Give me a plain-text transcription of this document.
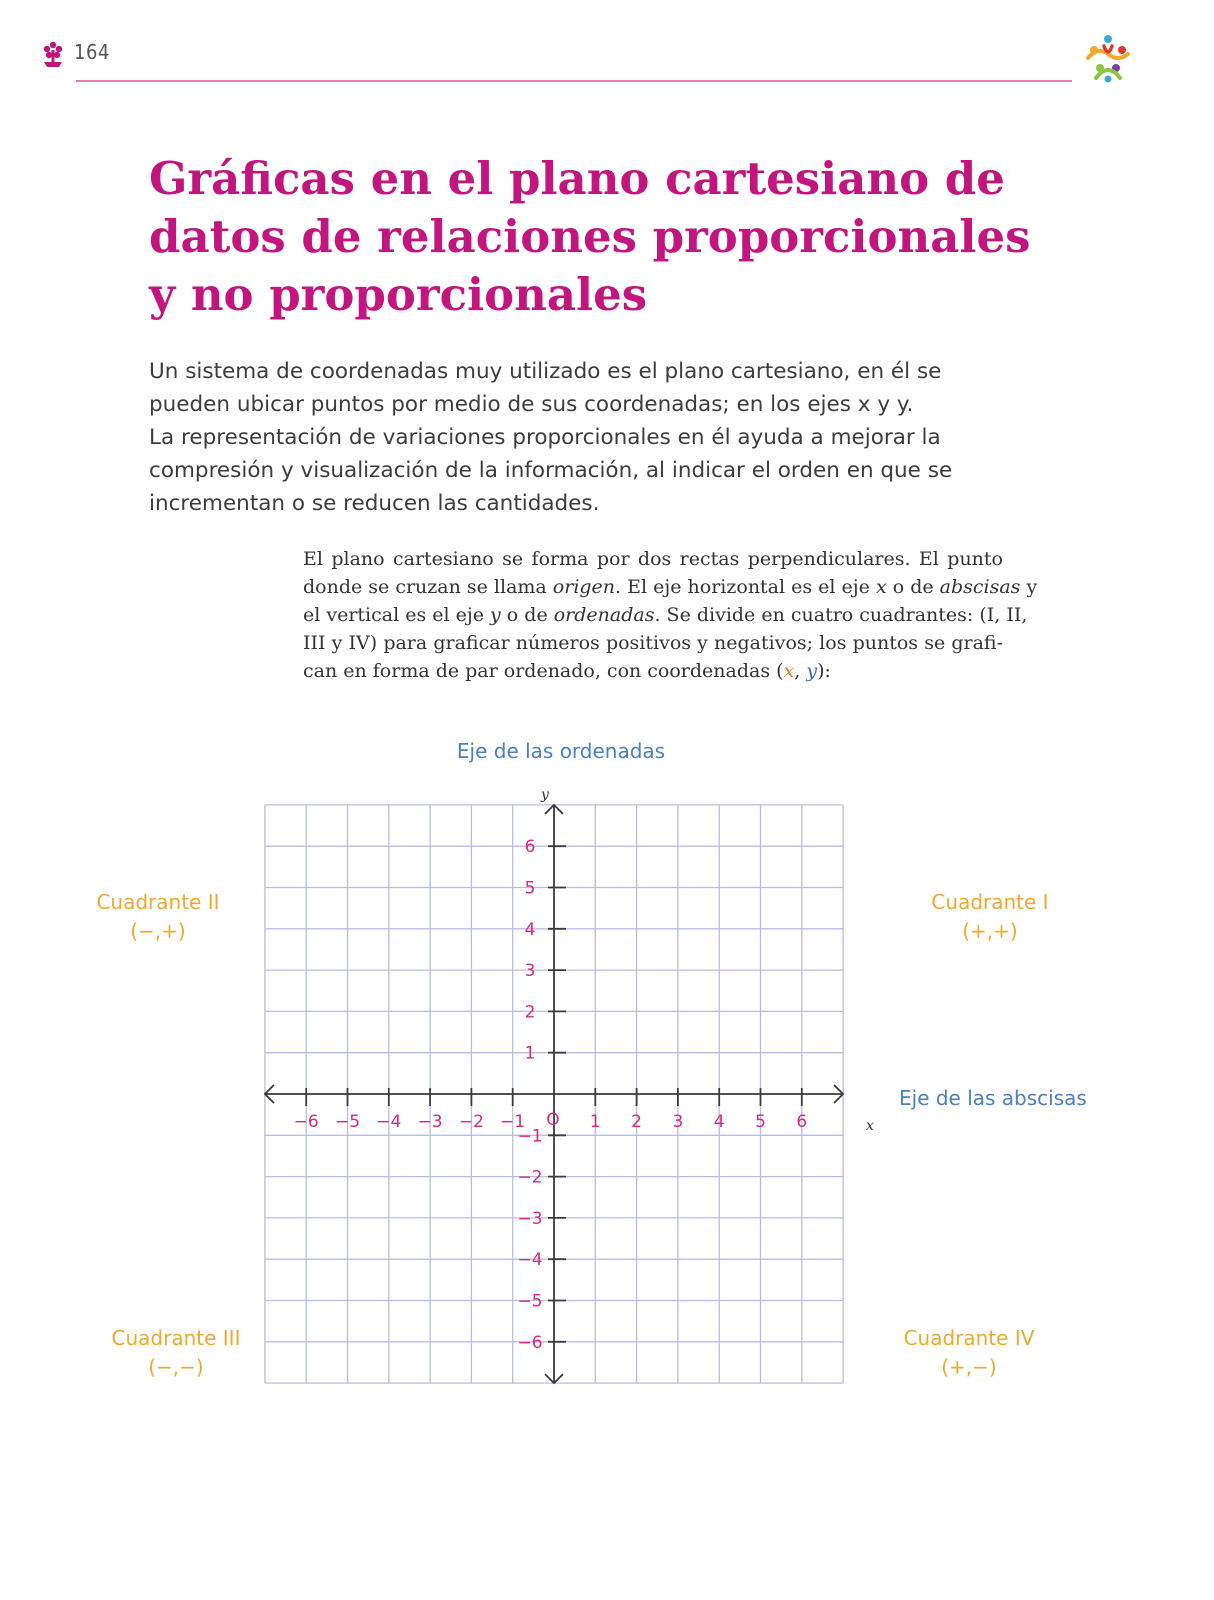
164
Gráficas en el plano cartesiano de
datos de relaciones proporcionales
y no proporcionales
Un sistema de coordenadas muy utilizado es el plano cartesiano, en él se
pueden ubicar puntos por medio de sus coordenadas; en los ejes x y y.
La representación de variaciones proporcionales en él ayuda a mejorar la
compresión y visualización de la información, al indicar el orden en que se
incrementan o se reducen las cantidades.
El plano cartesiano se forma por dos rectas perpendiculares. El punto
donde se cruzan se llama origen. El eje horizontal es el eje x o de abscisas y
el vertical es el eje y o de ordenadas. Se divide en cuatro cuadrantes: (I, II,
III y IV) para graficar números positivos y negativos; los puntos se grafi-
can en forma de par ordenado, con coordenadas (x, y):
−6 −5 −4 −3 −2 −1	1 2 3 4 5 6
−6
−5
−4
−3
−2
−1
1
2
3
4
5
6
Eje de las ordenadas
Eje de las abscisas
y
x
O
Cuadrante II
(−,+)
Cuadrante I
(+,+)
Cuadrante III
(−,−)
Cuadrante IV
(+,−)
